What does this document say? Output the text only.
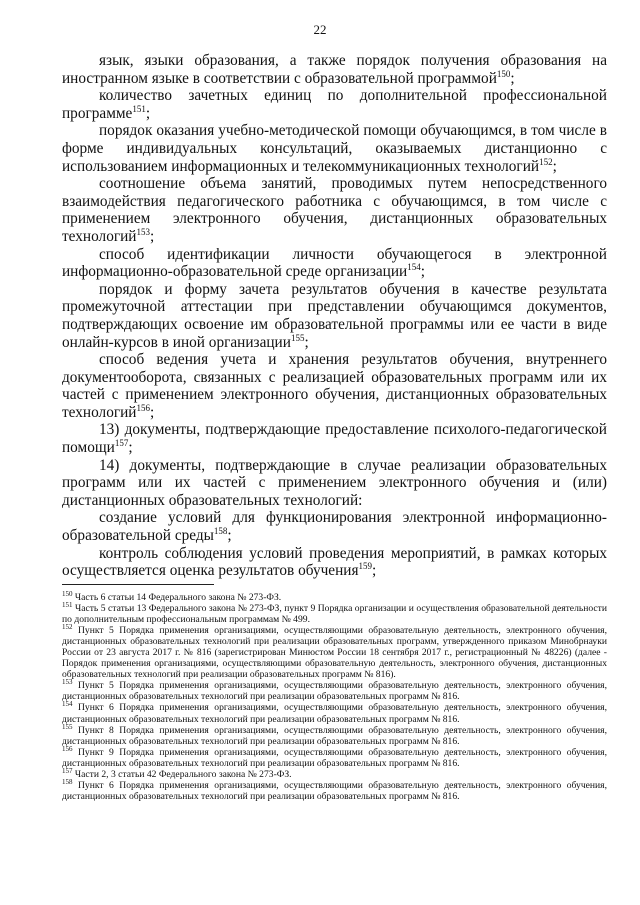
22

язык, языки образования, а также порядок получения образования на иностранном языке в соответствии с образовательной программой$^{150}$;

количество зачетных единиц по дополнительной профессиональной программе$^{151}$;

порядок оказания учебно-методической помощи обучающимся, в том числе в форме индивидуальных консультаций, оказываемых дистанционно с использованием информационных и телекоммуникационных технологий$^{152}$;

соотношение объема занятий, проводимых путем непосредственного взаимодействия педагогического работника с обучающимся, в том числе с применением электронного обучения, дистанционных образовательных технологий$^{153}$;

способ идентификации личности обучающегося в электронной информационно-образовательной среде организации$^{154}$;

порядок и форму зачета результатов обучения в качестве результата промежуточной аттестации при представлении обучающимся документов, подтверждающих освоение им образовательной программы или ее части в виде онлайн-курсов в иной организации$^{155}$;

способ ведения учета и хранения результатов обучения, внутреннего документооборота, связанных с реализацией образовательных программ или их частей с применением электронного обучения, дистанционных образовательных технологий$^{156}$;

13) документы, подтверждающие предоставление психолого-педагогической помощи$^{157}$;

14) документы, подтверждающие в случае реализации образовательных программ или их частей с применением электронного обучения и (или) дистанционных образовательных технологий:

создание условий для функционирования электронной информационно-образовательной среды$^{158}$;

контроль соблюдения условий проведения мероприятий, в рамках которых осуществляется оценка результатов обучения$^{159}$;

$^{150}$ Часть 6 статьи 14 Федерального закона № 273-ФЗ.

$^{151}$ Часть 5 статьи 13 Федерального закона № 273-ФЗ, пункт 9 Порядка организации и осуществления образовательной деятельности по дополнительным профессиональным программам № 499.

$^{152}$ Пункт 5 Порядка применения организациями, осуществляющими образовательную деятельность, электронного обучения, дистанционных образовательных технологий при реализации образовательных программ, утвержденного приказом Минобрнауки России от 23 августа 2017 г. № 816 (зарегистрирован Минюстом России 18 сентября 2017 г., регистрационный № 48226) (далее - Порядок применения организациями, осуществляющими образовательную деятельность, электронного обучения, дистанционных образовательных технологий при реализации образовательных программ № 816).

$^{153}$ Пункт 5 Порядка применения организациями, осуществляющими образовательную деятельность, электронного обучения, дистанционных образовательных технологий при реализации образовательных программ № 816.

$^{154}$ Пункт 6 Порядка применения организациями, осуществляющими образовательную деятельность, электронного обучения, дистанционных образовательных технологий при реализации образовательных программ № 816.

$^{155}$ Пункт 8 Порядка применения организациями, осуществляющими образовательную деятельность, электронного обучения, дистанционных образовательных технологий при реализации образовательных программ № 816.

$^{156}$ Пункт 9 Порядка применения организациями, осуществляющими образовательную деятельность, электронного обучения, дистанционных образовательных технологий при реализации образовательных программ № 816.

$^{157}$ Части 2, 3 статьи 42 Федерального закона № 273-ФЗ.

$^{158}$ Пункт 6 Порядка применения организациями, осуществляющими образовательную деятельность, электронного обучения, дистанционных образовательных технологий при реализации образовательных программ № 816.
